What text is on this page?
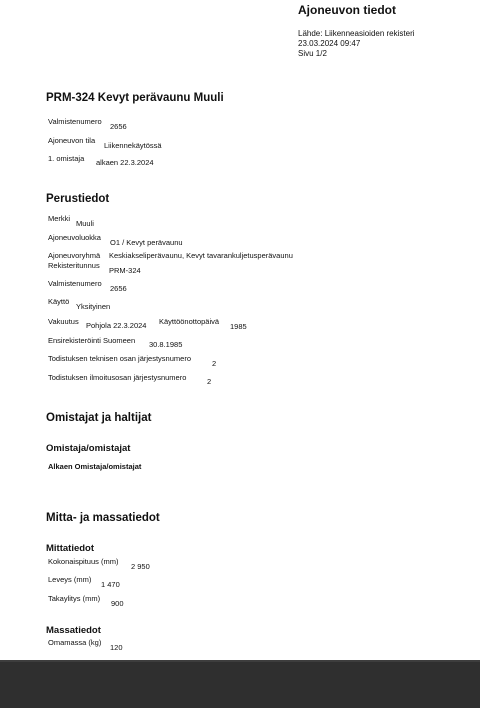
Ajoneuvon tiedot
Lähde: Liikenneasioiden rekisteri
23.03.2024 09:47
Sivu 1/2
PRM-324 Kevyt perävaunu Muuli
Valmistenumero
2656
Ajoneuvon tila
Liikennekäytössä
1. omistaja alkaen 22.3.2024
Perustiedot
Merkki
Muuli
Ajoneuvoluokka
O1 / Kevyt perävaunu
Ajoneuvoryhmä Keskiakseliperävaunu, Kevyt tavarankuljetusperävaunu
Rekisteritunnus
PRM-324
Valmistenumero
2656
Käyttö
Yksityinen
Vakuutus Pohjola 22.3.2024 Käyttöönottopäivä
1985
Ensirekisteröinti Suomeen 30.8.1985
Todistuksen teknisen osan järjestysnumero
2
Todistuksen ilmoitusosan järjestysnumero	2
Omistajat ja haltijat
Omistaja/omistajat
Alkaen Omistaja/omistajat
Mitta- ja massatiedot
Mittatiedot
Kokonaispituus (mm)
2 950
Leveys (mm)
1 470
Takaylitys (mm)
900
Massatiedot
Omamassa (kg)
120
